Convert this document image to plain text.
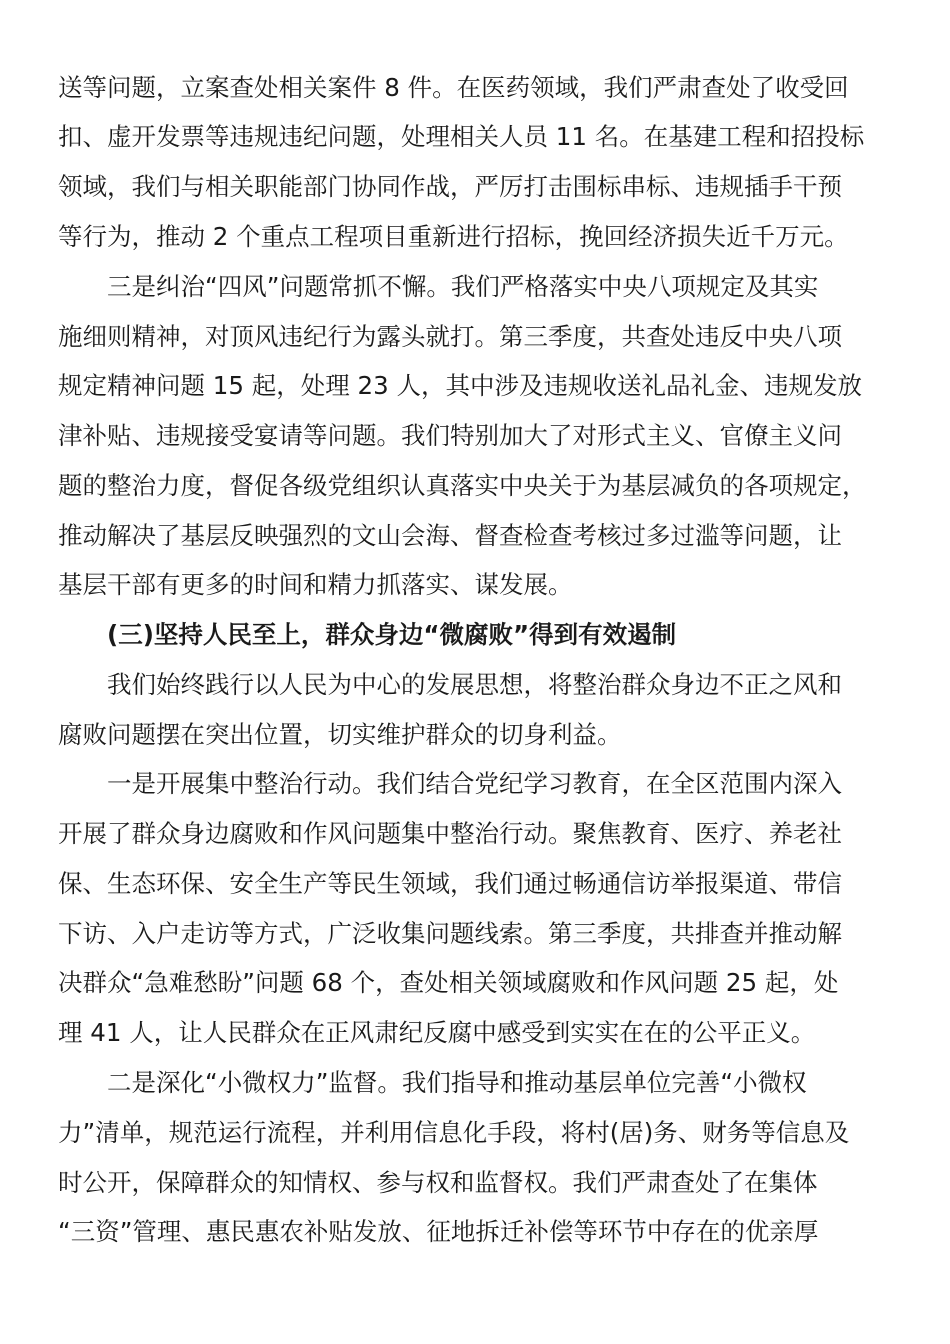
送等问题，立案查处相关案件 8 件。在医药领域，我们严肃查处了收受回
扣、虚开发票等违规违纪问题，处理相关人员 11 名。在基建工程和招投标
领域，我们与相关职能部门协同作战，严厉打击围标串标、违规插手干预
等行为，推动 2 个重点工程项目重新进行招标，挽回经济损失近千万元。
三是纠治“四风”问题常抓不懈。我们严格落实中央八项规定及其实
施细则精神，对顶风违纪行为露头就打。第三季度，共查处违反中央八项
规定精神问题 15 起，处理 23 人，其中涉及违规收送礼品礼金、违规发放
津补贴、违规接受宴请等问题。我们特别加大了对形式主义、官僚主义问
题的整治力度，督促各级党组织认真落实中央关于为基层减负的各项规定，
推动解决了基层反映强烈的文山会海、督查检查考核过多过滥等问题，让
基层干部有更多的时间和精力抓落实、谋发展。
(三)坚持人民至上，群众身边“微腐败”得到有效遏制
我们始终践行以人民为中心的发展思想，将整治群众身边不正之风和
腐败问题摆在突出位置，切实维护群众的切身利益。
一是开展集中整治行动。我们结合党纪学习教育，在全区范围内深入
开展了群众身边腐败和作风问题集中整治行动。聚焦教育、医疗、养老社
保、生态环保、安全生产等民生领域，我们通过畅通信访举报渠道、带信
下访、入户走访等方式，广泛收集问题线索。第三季度，共排查并推动解
决群众“急难愁盼”问题 68 个，查处相关领域腐败和作风问题 25 起，处
理 41 人，让人民群众在正风肃纪反腐中感受到实实在在的公平正义。
二是深化“小微权力”监督。我们指导和推动基层单位完善“小微权
力”清单，规范运行流程，并利用信息化手段，将村(居)务、财务等信息及
时公开，保障群众的知情权、参与权和监督权。我们严肃查处了在集体
“三资”管理、惠民惠农补贴发放、征地拆迁补偿等环节中存在的优亲厚
